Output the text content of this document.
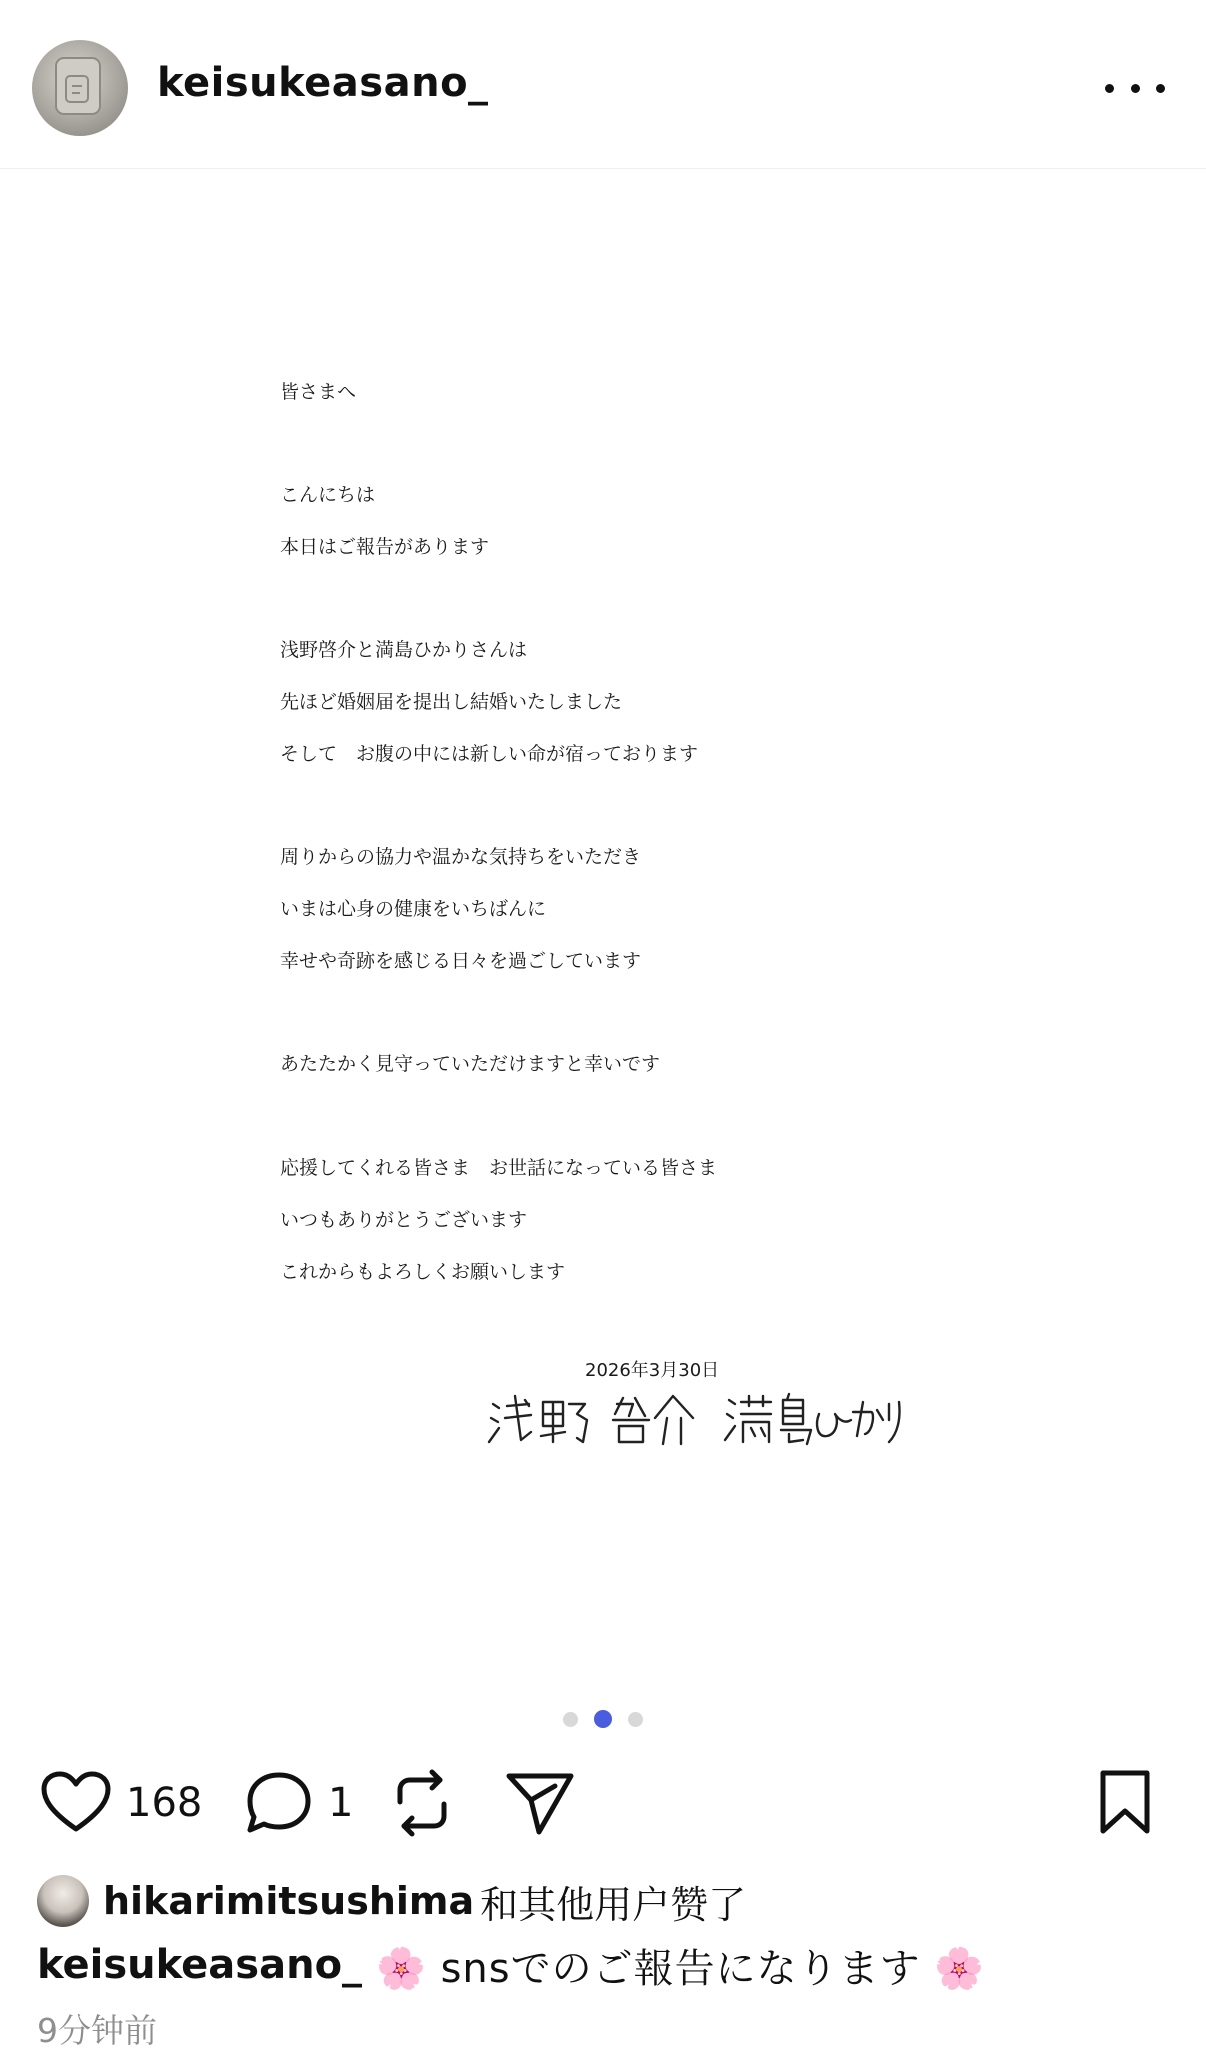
keisukeasano_
皆さまへ
こんにちは
本日はご報告があります
浅野啓介と満島ひかりさんは
先ほど婚姻届を提出し結婚いたしました
そして　お腹の中には新しい命が宿っております
周りからの協力や温かな気持ちをいただき
いまは心身の健康をいちばんに
幸せや奇跡を感じる日々を過ごしています
あたたかく見守っていただけますと幸いです
応援してくれる皆さま　お世話になっている皆さま
いつもありがとうございます
これからもよろしくお願いします
2026年3月30日
168	1
hikarimitsushima 和其他用户赞了
keisukeasano_ 🌸 snsでのご報告になります 🌸
9分钟前
